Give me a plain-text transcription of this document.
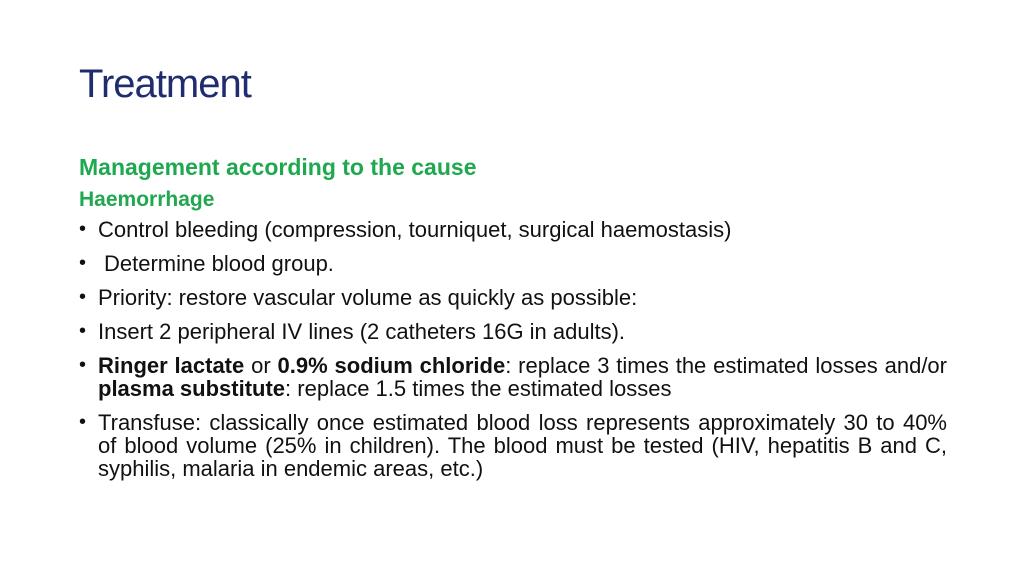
Treatment

Management according to the cause

Haemorrhage

• Control bleeding (compression, tourniquet, surgical haemostasis)
• Determine blood group.
• Priority: restore vascular volume as quickly as possible:
• Insert 2 peripheral IV lines (2 catheters 16G in adults).
• Ringer lactate or 0.9% sodium chloride: replace 3 times the estimated losses and/or plasma substitute: replace 1.5 times the estimated losses
• Transfuse: classically once estimated blood loss represents approximately 30 to 40% of blood volume (25% in children). The blood must be tested (HIV, hepatitis B and C, syphilis, malaria in endemic areas, etc.)
